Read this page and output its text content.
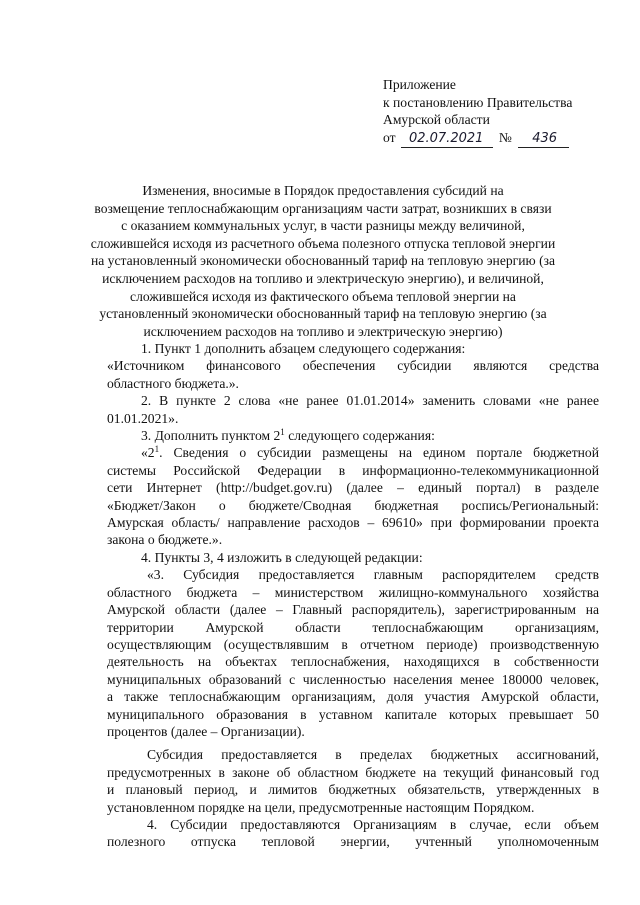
Приложение
к постановлению Правительства
Амурской области
от 02.07.2021 № 436
Изменения, вносимые в Порядок предоставления субсидий на
возмещение теплоснабжающим организациям части затрат, возникших в связи
с оказанием коммунальных услуг, в части разницы между величиной,
сложившейся исходя из расчетного объема полезного отпуска тепловой энергии
на установленный экономически обоснованный тариф на тепловую энергию (за
исключением расходов на топливо и электрическую энергию), и величиной,
сложившейся исходя из фактического объема тепловой энергии на
установленный экономически обоснованный тариф на тепловую энергию (за
исключением расходов на топливо и электрическую энергию)
1. Пункт 1 дополнить абзацем следующего содержания:
«Источником финансового обеспечения субсидии являются средства
областного бюджета.».
2. В пункте 2 слова «не ранее 01.01.2014» заменить словами «не ранее
01.01.2021».
3. Дополнить пунктом $2^1$ следующего содержания:
«$2^1$. Сведения о субсидии размещены на едином портале бюджетной
системы Российской Федерации в информационно-телекоммуникационной
сети Интернет (http://budget.gov.ru) (далее – единый портал) в разделе
«Бюджет/Закон о бюджете/Сводная бюджетная роспись/Региональный:
Амурская область/ направление расходов – 69610» при формировании проекта
закона о бюджете.».
4. Пункты 3, 4 изложить в следующей редакции:
«3. Субсидия предоставляется главным распорядителем средств
областного бюджета – министерством жилищно-коммунального хозяйства
Амурской области (далее – Главный распорядитель), зарегистрированным на
территории Амурской области теплоснабжающим организациям,
осуществляющим (осуществлявшим в отчетном периоде) производственную
деятельность на объектах теплоснабжения, находящихся в собственности
муниципальных образований с численностью населения менее 180000 человек,
а также теплоснабжающим организациям, доля участия Амурской области,
муниципального образования в уставном капитале которых превышает 50
процентов (далее – Организации).
Субсидия предоставляется в пределах бюджетных ассигнований,
предусмотренных в законе об областном бюджете на текущий финансовый год
и плановый период, и лимитов бюджетных обязательств, утвержденных в
установленном порядке на цели, предусмотренные настоящим Порядком.
4. Субсидии предоставляются Организациям в случае, если объем
полезного отпуска тепловой энергии, учтенный уполномоченным
